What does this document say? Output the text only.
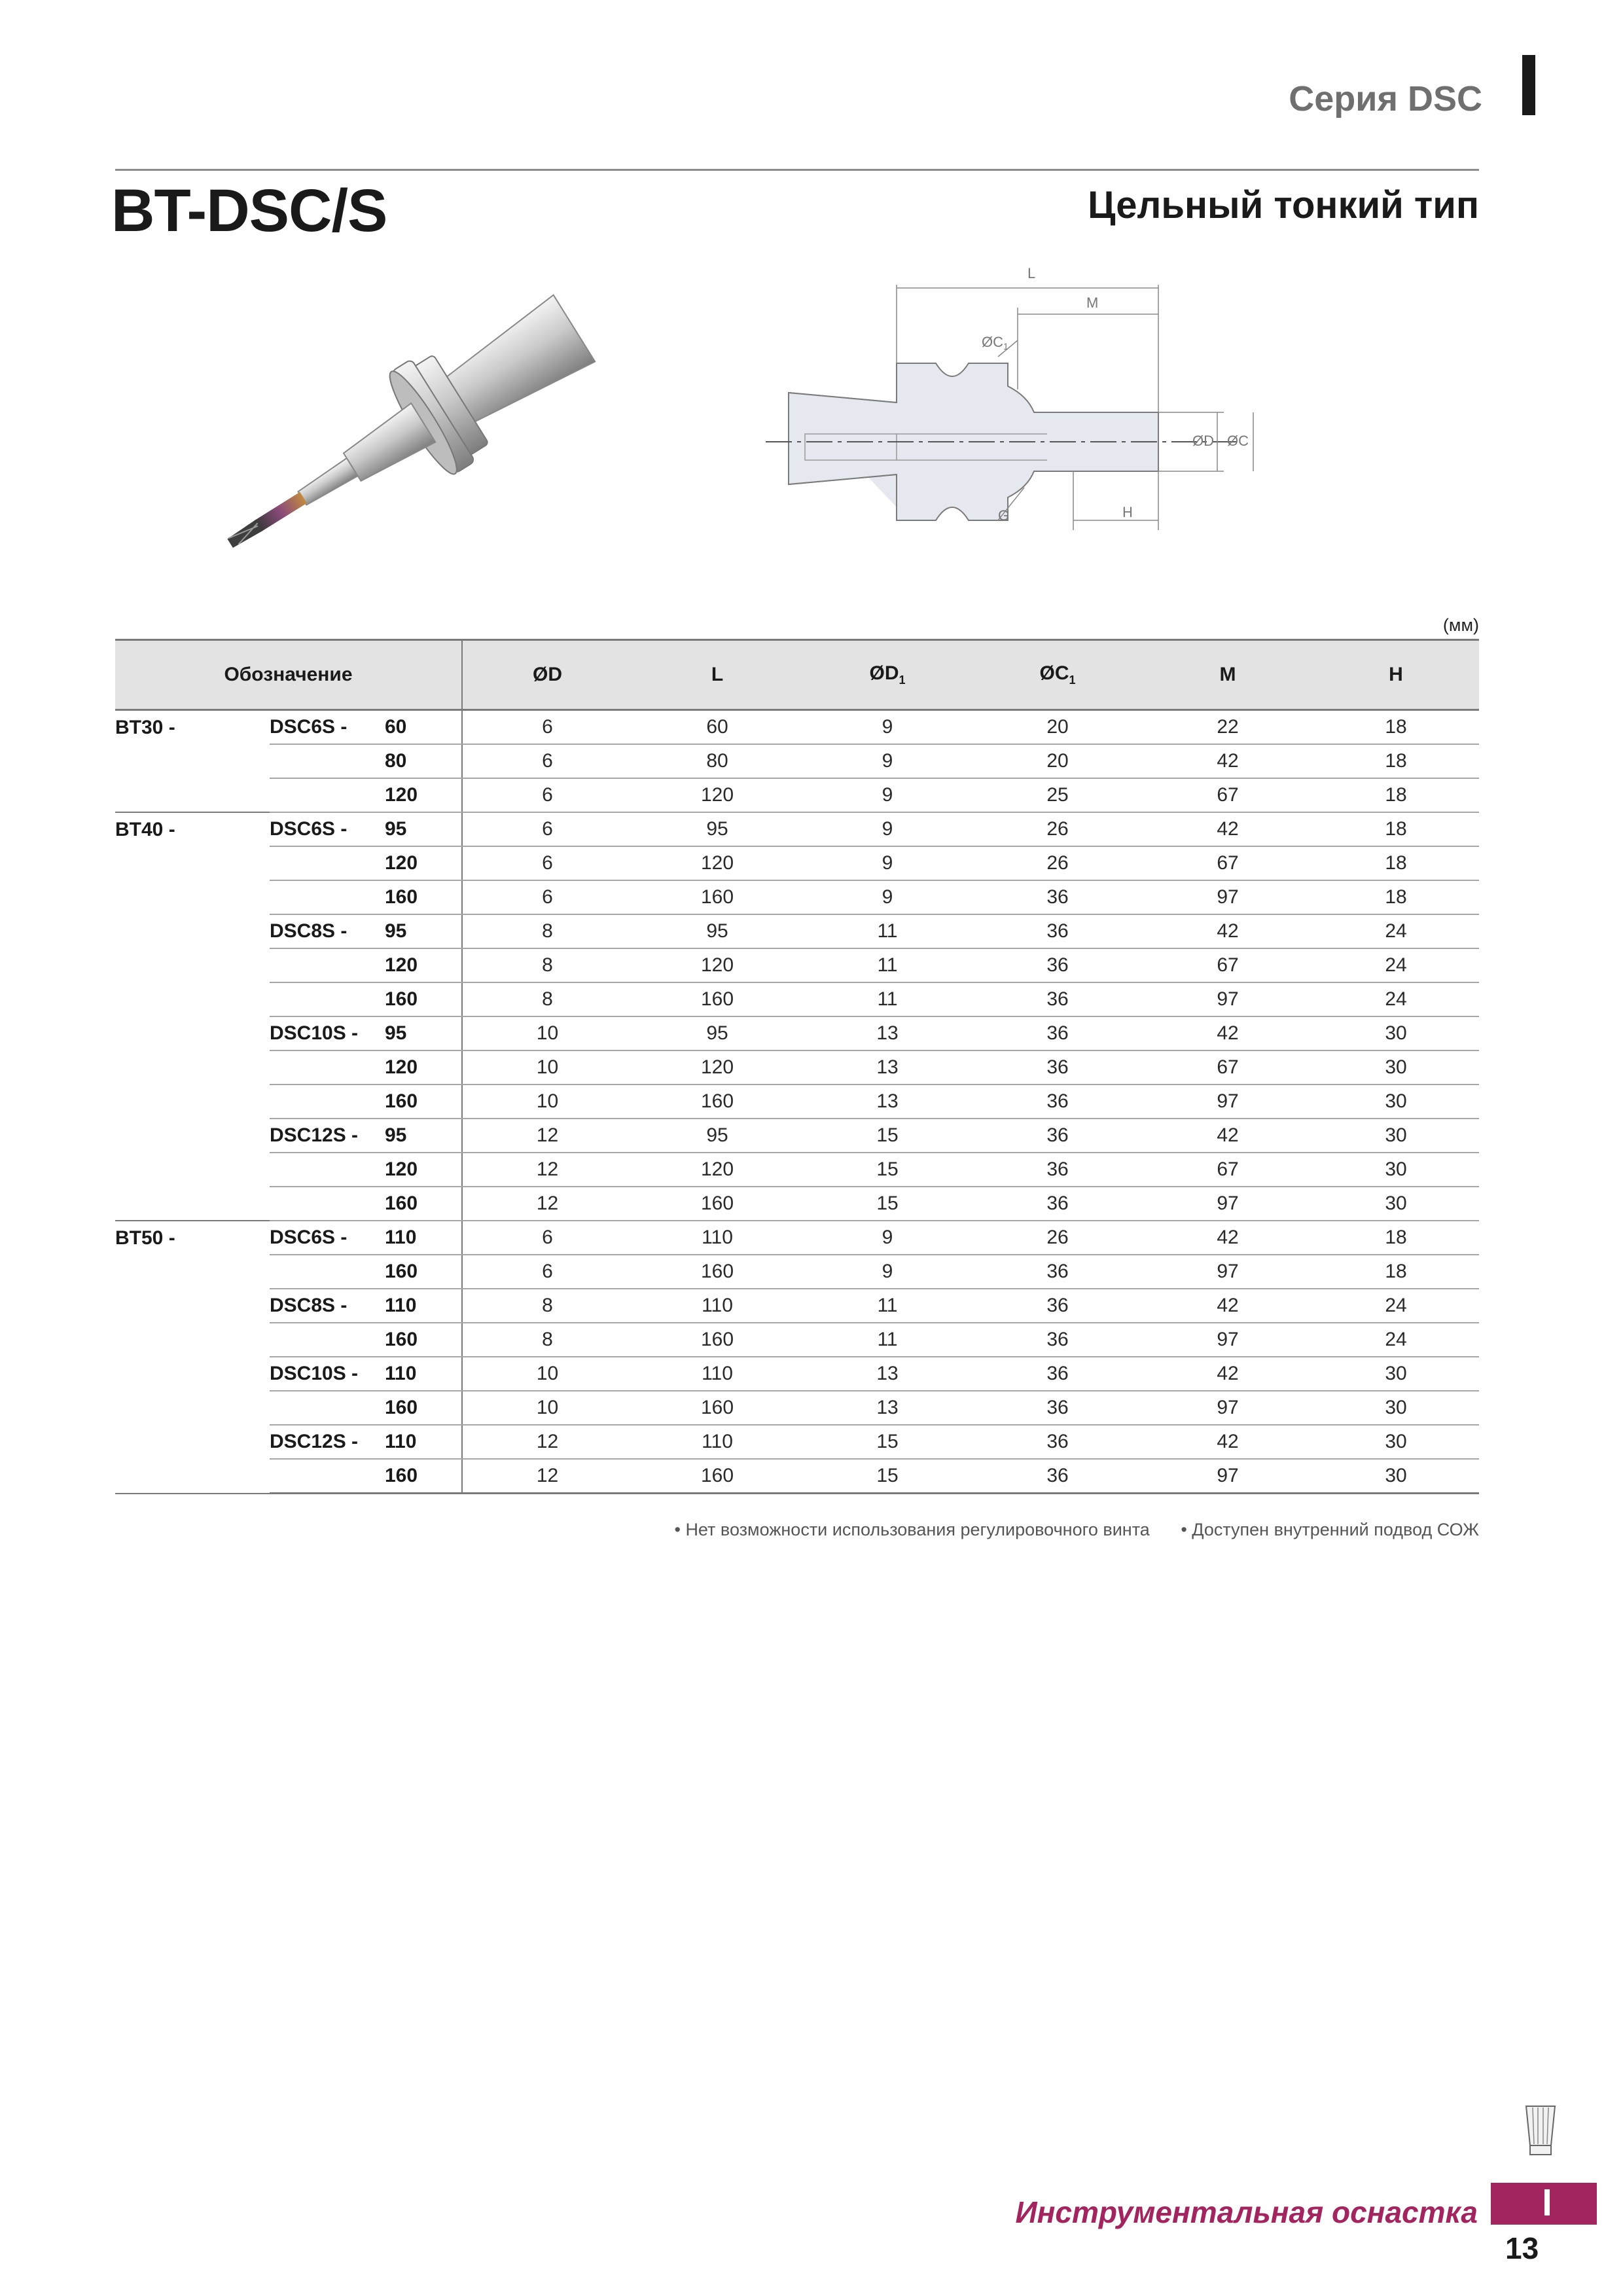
Серия DSC
BT-DSC/S	Цельный тонкий тип
L
M
H
G
ØD ØC
ØC1
(мм)
Обозначение			ØD	L	$ØD_1$	$ØC_1$	M	H
BT30 -	DSC6S -	60	6	60	9	20	22	18
		80	6	80	9	20	42	18
		120	6	120	9	25	67	18
BT40 -	DSC6S -	95	6	95	9	26	42	18
		120	6	120	9	26	67	18
		160	6	160	9	36	97	18
	DSC8S -	95	8	95	11	36	42	24
		120	8	120	11	36	67	24
		160	8	160	11	36	97	24
	DSC10S -	95	10	95	13	36	42	30
		120	10	120	13	36	67	30
		160	10	160	13	36	97	30
	DSC12S -	95	12	95	15	36	42	30
		120	12	120	15	36	67	30
		160	12	160	15	36	97	30
BT50 -	DSC6S -	110	6	110	9	26	42	18
		160	6	160	9	36	97	18
	DSC8S -	110	8	110	11	36	42	24
		160	8	160	11	36	97	24
	DSC10S -	110	10	110	13	36	42	30
		160	10	160	13	36	97	30
	DSC12S -	110	12	110	15	36	42	30
		160	12	160	15	36	97	30
• Нет возможности использования регулировочного винта • Доступен внутренний подвод СОЖ
Инструментальная оснастка
13
